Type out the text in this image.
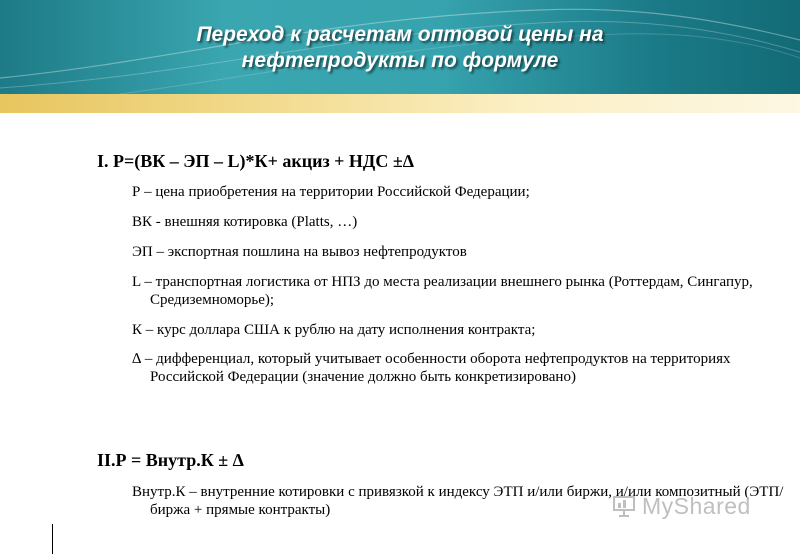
Переход к расчетам оптовой цены на
нефтепродукты по формуле
I. Р=(ВК – ЭП – L)*К+ акциз + НДС ±∆
Р – цена приобретения на территории Российской Федерации;
ВК - внешняя котировка (Platts, …)
ЭП – экспортная пошлина на вывоз нефтепродуктов
L – транспортная логистика от НПЗ до места реализации внешнего рынка (Роттердам, Сингапур, Средиземноморье);
К – курс доллара США к рублю на дату исполнения контракта;
∆ – дифференциал, который учитывает особенности оборота нефтепродуктов на территориях Российской Федерации (значение должно быть конкретизировано)
II.Р = Внутр.К ± ∆
Внутр.К – внутренние котировки с привязкой к индексу ЭТП и/или биржи, и/или композитный (ЭТП/биржа + прямые контракты)	MyShared
